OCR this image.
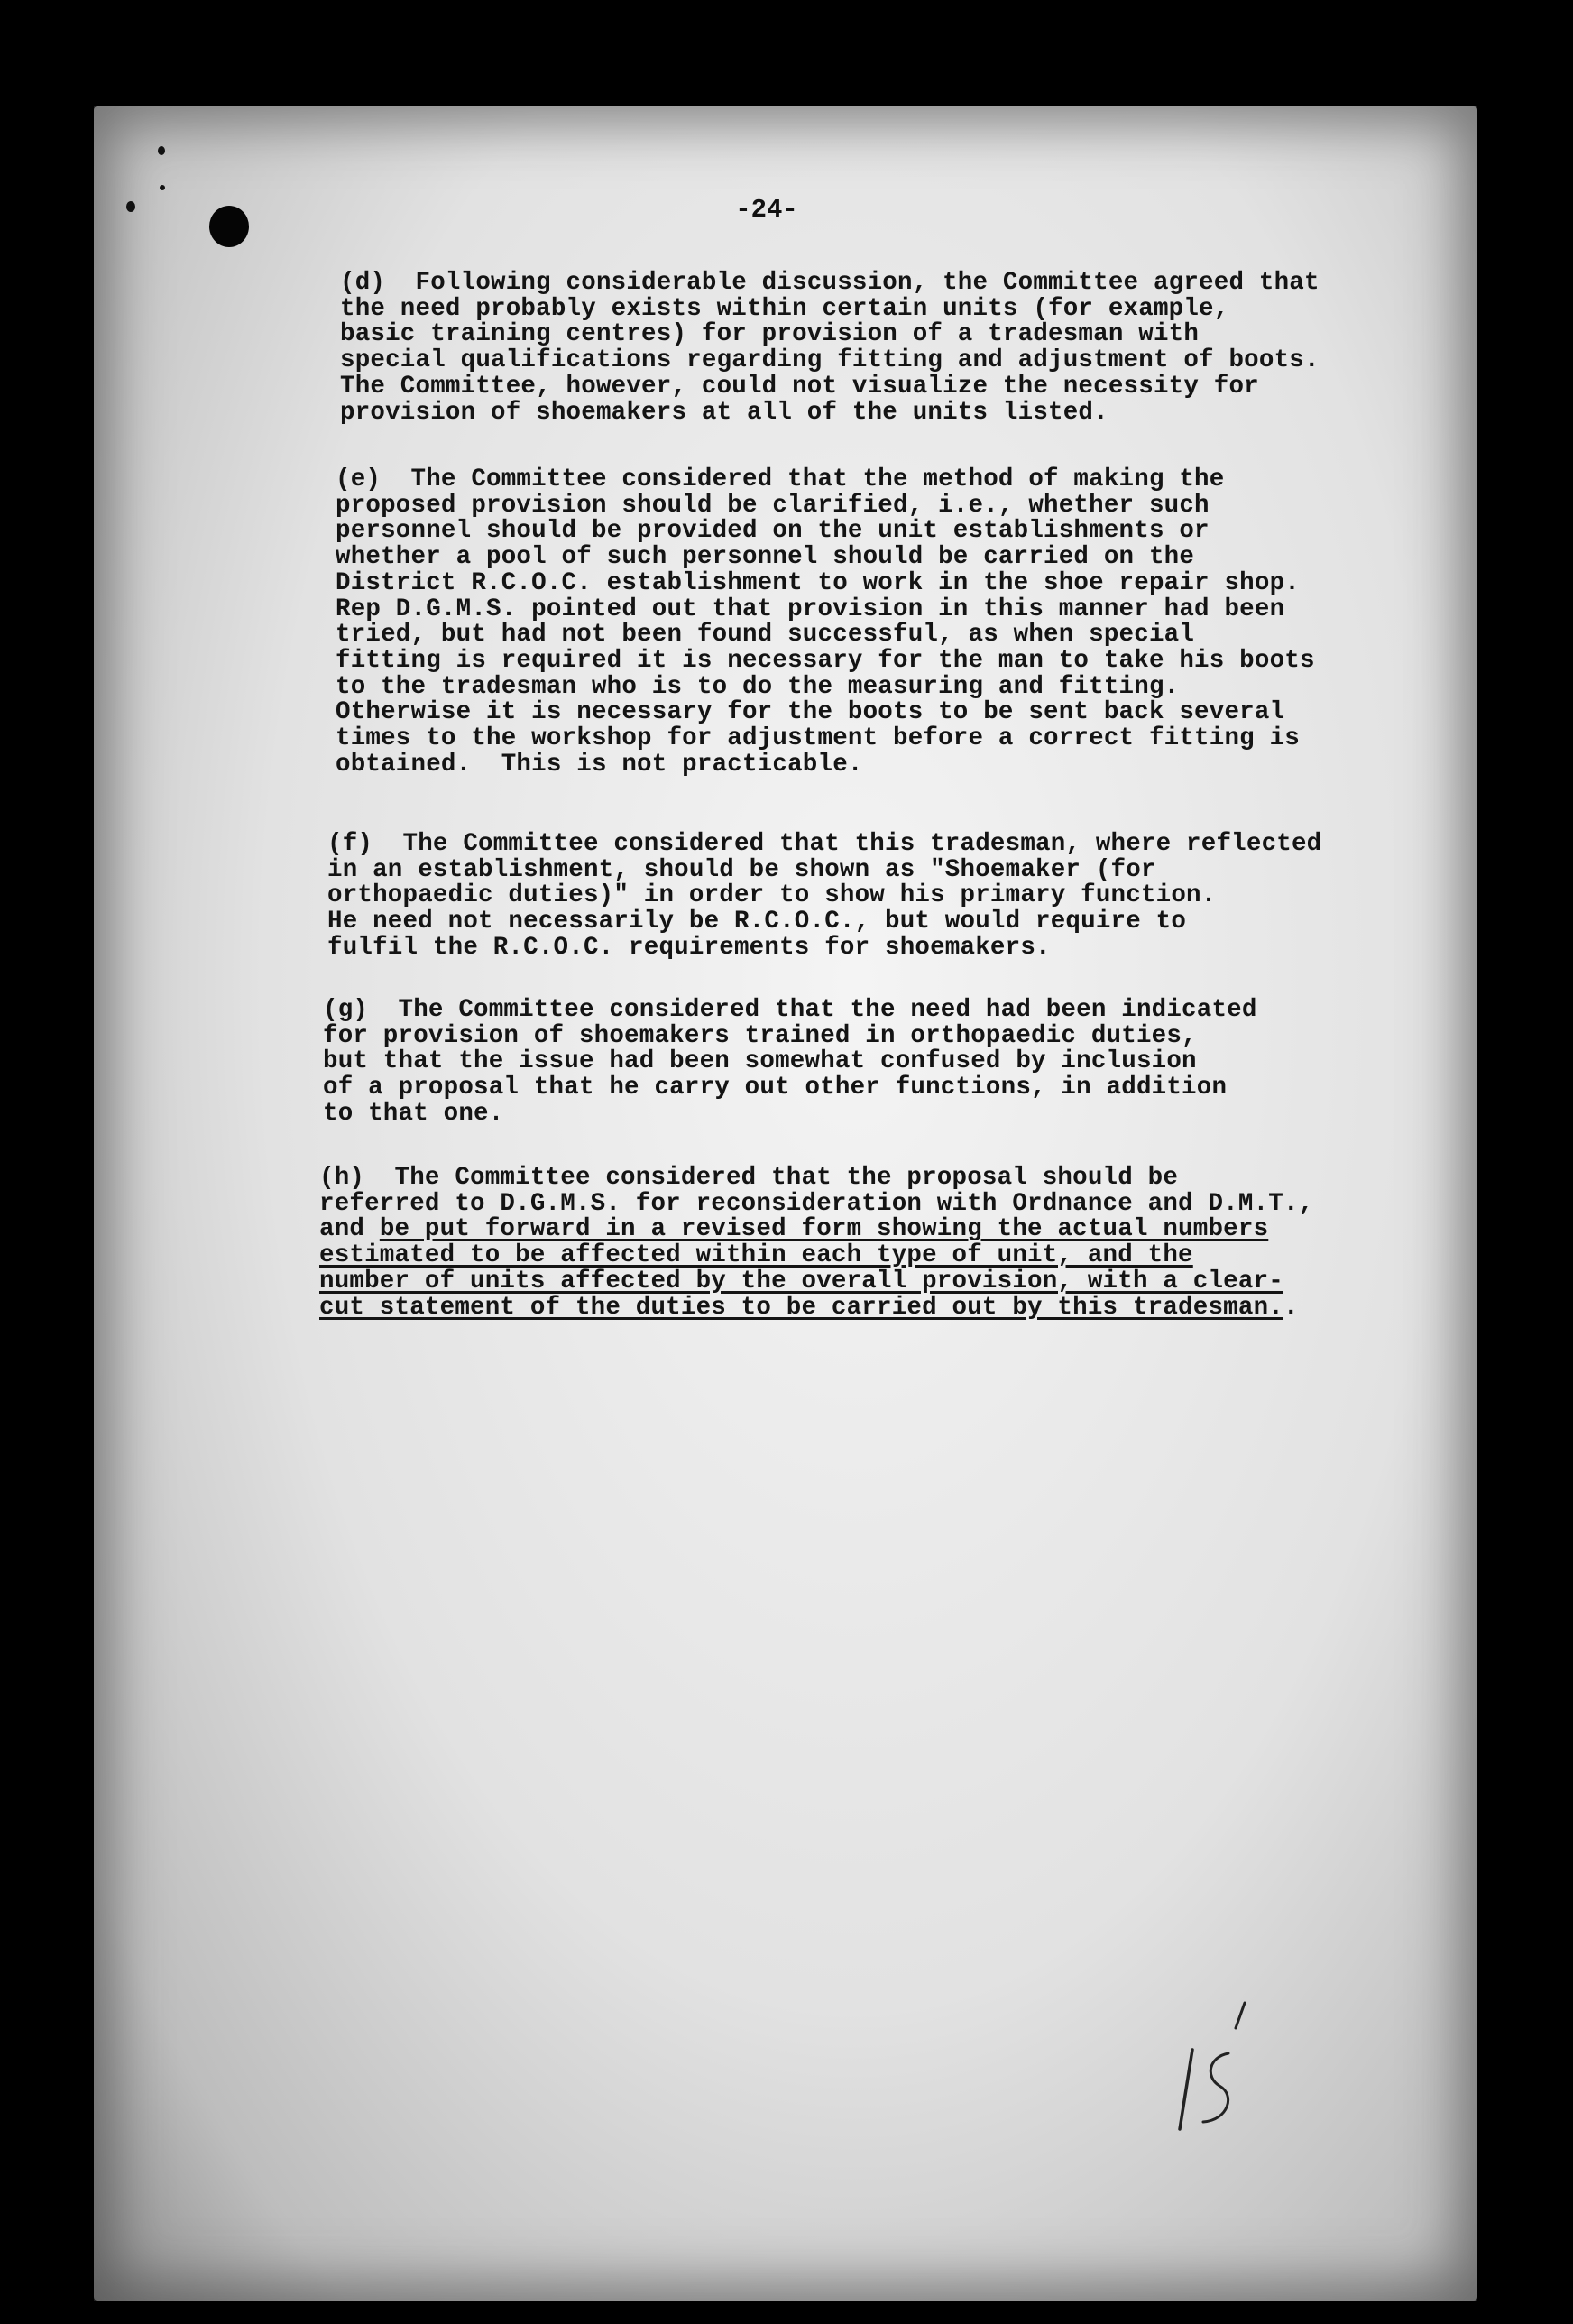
-24-

(d)  Following considerable discussion, the Committee agreed that
the need probably exists within certain units (for example,
basic training centres) for provision of a tradesman with
special qualifications regarding fitting and adjustment of boots.
The Committee, however, could not visualize the necessity for
provision of shoemakers at all of the units listed.

(e)  The Committee considered that the method of making the
proposed provision should be clarified, i.e., whether such
personnel should be provided on the unit establishments or
whether a pool of such personnel should be carried on the
District R.C.O.C. establishment to work in the shoe repair shop.
Rep D.G.M.S. pointed out that provision in this manner had been
tried, but had not been found successful, as when special
fitting is required it is necessary for the man to take his boots
to the tradesman who is to do the measuring and fitting.
Otherwise it is necessary for the boots to be sent back several
times to the workshop for adjustment before a correct fitting is
obtained.  This is not practicable.

(f)  The Committee considered that this tradesman, where reflected
in an establishment, should be shown as "Shoemaker (for
orthopaedic duties)" in order to show his primary function.
He need not necessarily be R.C.O.C., but would require to
fulfil the R.C.O.C. requirements for shoemakers.

(g)  The Committee considered that the need had been indicated
for provision of shoemakers trained in orthopaedic duties,
but that the issue had been somewhat confused by inclusion
of a proposal that he carry out other functions, in addition
to that one.

(h)  The Committee considered that the proposal should be
referred to D.G.M.S. for reconsideration with Ordnance and D.M.T.,
and be put forward in a revised form showing the actual numbers
estimated to be affected within each type of unit, and the
number of units affected by the overall provision, with a clear-
cut statement of the duties to be carried out by this tradesman..
